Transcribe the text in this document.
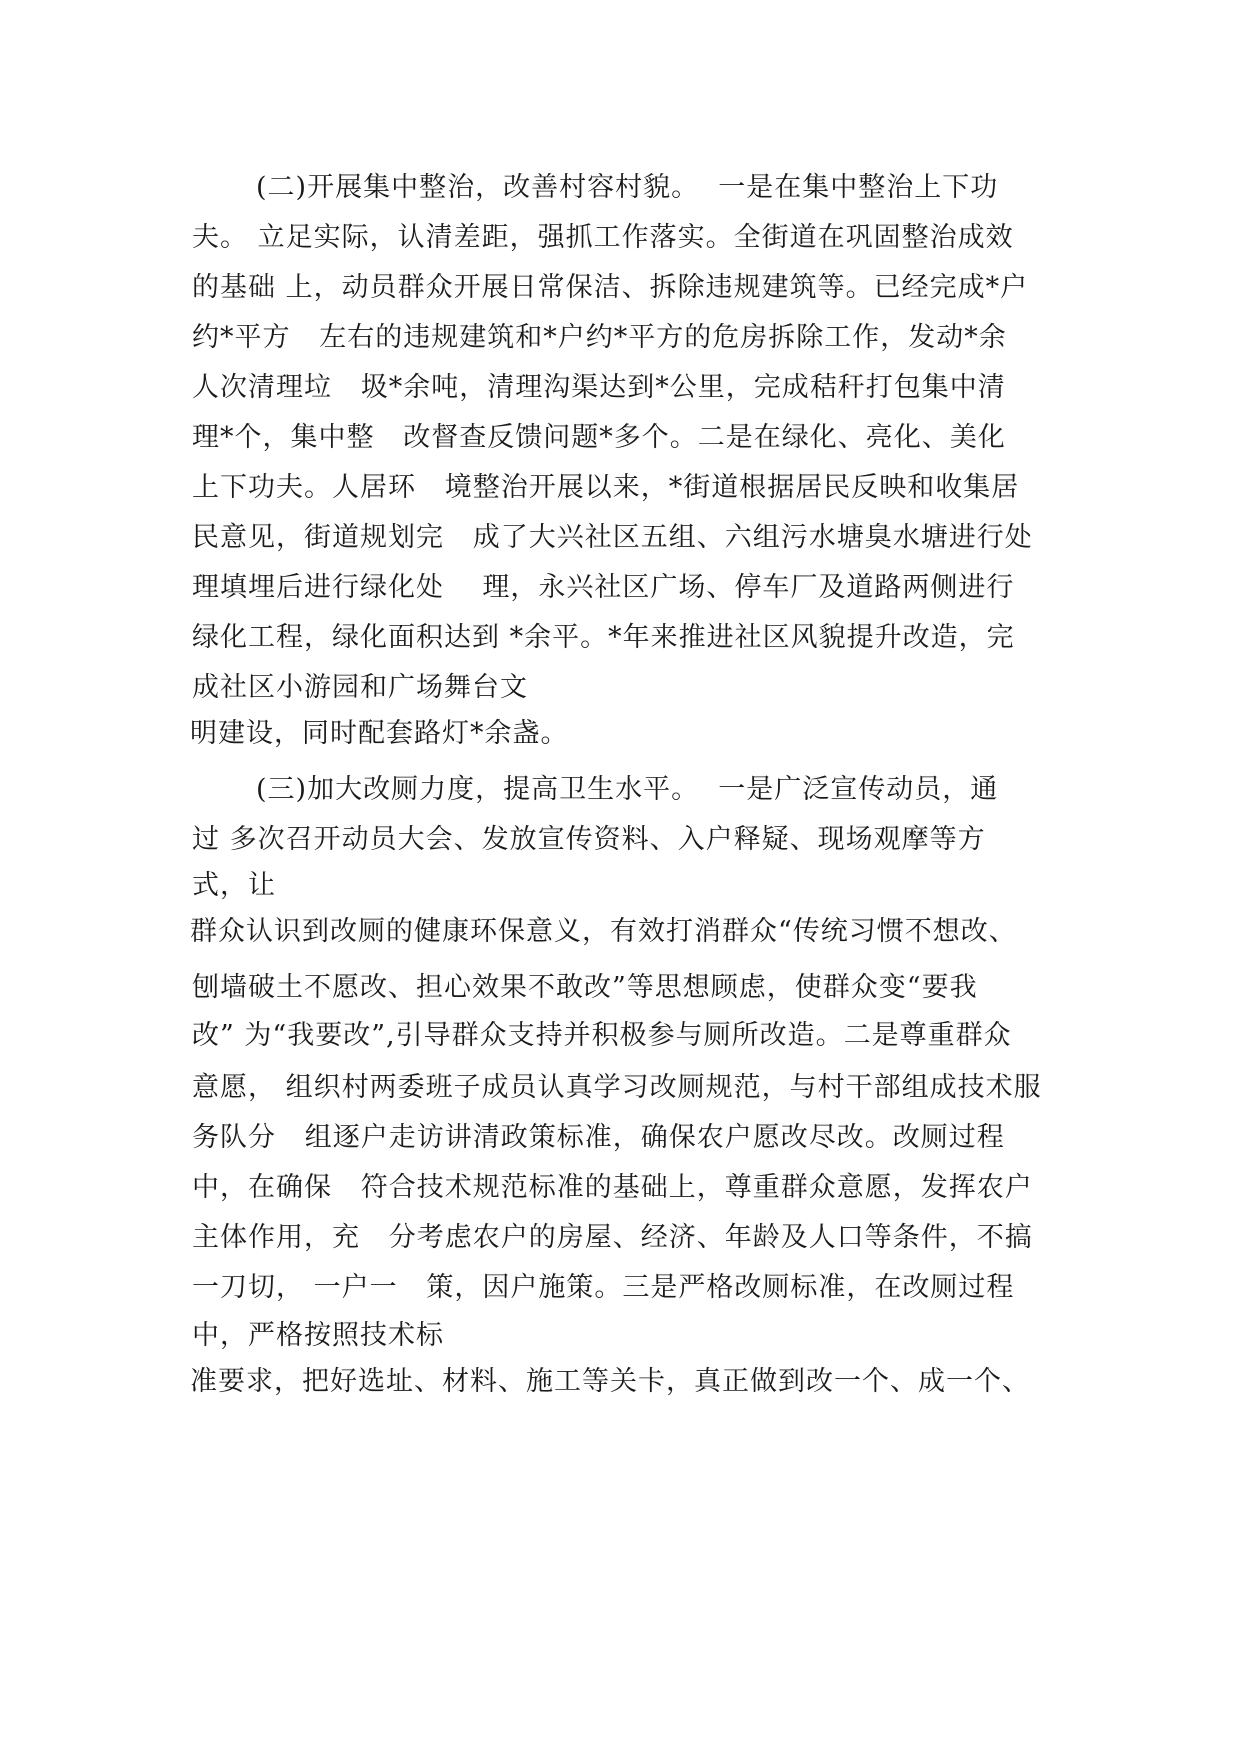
(二)开展集中整治，改善村容村貌。  一是在集中整治上下功
夫。 立足实际，认清差距，强抓工作落实。全街道在巩固整治成效
的基础 上，动员群众开展日常保洁、拆除违规建筑等。已经完成*户
约*平方   左右的违规建筑和*户约*平方的危房拆除工作，发动*余
人次清理垃   圾*余吨，清理沟渠达到*公里，完成秸秆打包集中清
理*个，集中整   改督查反馈问题*多个。二是在绿化、亮化、美化
上下功夫。人居环   境整治开展以来，*街道根据居民反映和收集居
民意见，街道规划完   成了大兴社区五组、六组污水塘臭水塘进行处
理填埋后进行绿化处    理，永兴社区广场、停车厂及道路两侧进行
绿化工程，绿化面积达到 *余平。*年来推进社区风貌提升改造，完
成社区小游园和广场舞台文
明建设，同时配套路灯*余盏。
(三)加大改厕力度，提高卫生水平。  一是广泛宣传动员，通
过 多次召开动员大会、发放宣传资料、入户释疑、现场观摩等方
式，让
群众认识到改厕的健康环保意义，有效打消群众“传统习惯不想改、
刨墙破土不愿改、担心效果不敢改”等思想顾虑，使群众变“要我
改” 为“我要改”,引导群众支持并积极参与厕所改造。二是尊重群众
意愿， 组织村两委班子成员认真学习改厕规范，与村干部组成技术服
务队分   组逐户走访讲清政策标准，确保农户愿改尽改。改厕过程
中，在确保   符合技术规范标准的基础上，尊重群众意愿，发挥农户
主体作用，充   分考虑农户的房屋、经济、年龄及人口等条件，不搞
一刀切， 一户一   策，因户施策。三是严格改厕标准，在改厕过程
中，严格按照技术标
准要求，把好选址、材料、施工等关卡，真正做到改一个、成一个、
